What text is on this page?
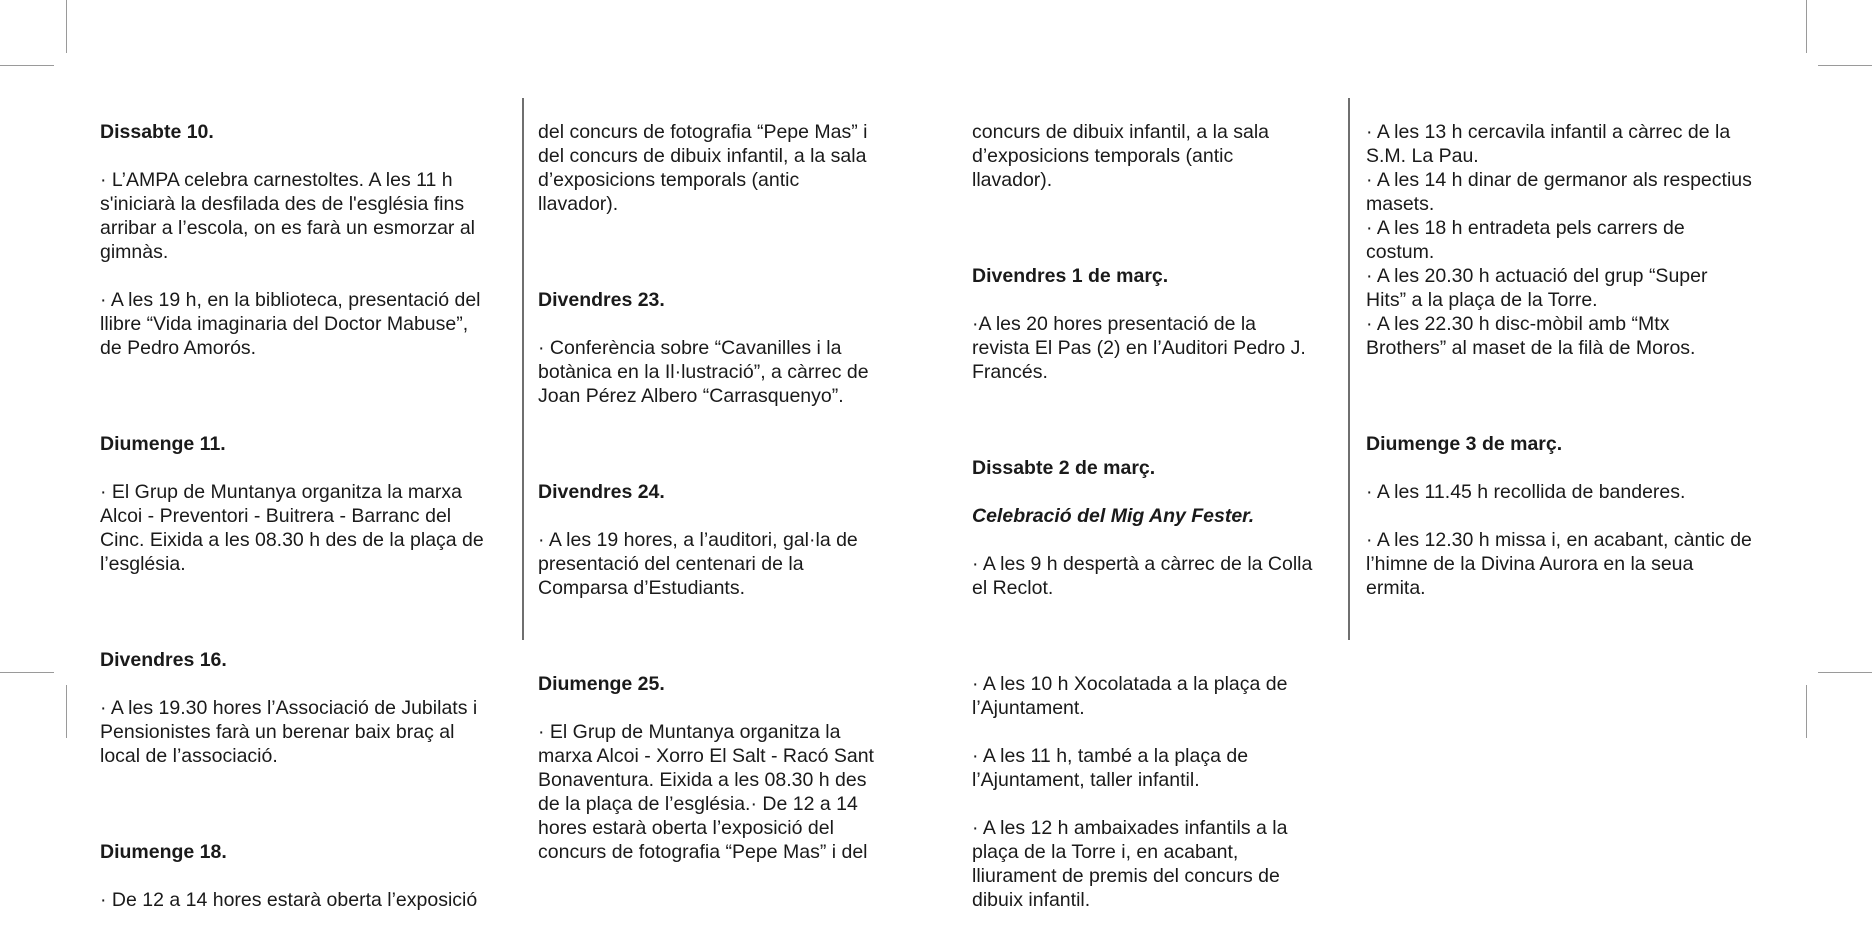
Dissabte 10.

· L’AMPA celebra carnestoltes. A les 11 h
s'iniciarà la desfilada des de l'església fins
arribar a l’escola, on es farà un esmorzar al
gimnàs.

· A les 19 h, en la biblioteca, presentació del
llibre “Vida imaginaria del Doctor Mabuse”,
de Pedro Amorós.

Diumenge 11.

· El Grup de Muntanya organitza la marxa
Alcoi - Preventori - Buitrera - Barranc del
Cinc. Eixida a les 08.30 h des de la plaça de
l’església.

Divendres 16.

· A les 19.30 hores l’Associació de Jubilats i
Pensionistes farà un berenar baix braç al
local de l’associació.

Diumenge 18.

· De 12 a 14 hores estarà oberta l’exposició

del concurs de fotografia “Pepe Mas” i
del concurs de dibuix infantil, a la sala
d’exposicions temporals (antic
llavador).

Divendres 23.

· Conferència sobre “Cavanilles i la
botànica en la Il·lustració”, a càrrec de
Joan Pérez Albero “Carrasquenyo”.

Divendres 24.

· A les 19 hores, a l’auditori, gal·la de
presentació del centenari de la
Comparsa d’Estudiants.

Diumenge 25.

· El Grup de Muntanya organitza la
marxa Alcoi - Xorro El Salt - Racó Sant
Bonaventura. Eixida a les 08.30 h des
de la plaça de l’església.· De 12 a 14
hores estarà oberta l’exposició del
concurs de fotografia “Pepe Mas” i del

concurs de dibuix infantil, a la sala
d’exposicions temporals (antic
llavador).

Divendres 1 de març.

·A les 20 hores presentació de la
revista El Pas (2) en l’Auditori Pedro J.
Francés.

Dissabte 2 de març.

Celebració del Mig Any Fester.

· A les 9 h despertà a càrrec de la Colla
el Reclot.

· A les 10 h Xocolatada a la plaça de
l’Ajuntament.

· A les 11 h, també a la plaça de
l’Ajuntament, taller infantil.

· A les 12 h ambaixades infantils a la
plaça de la Torre i, en acabant,
lliurament de premis del concurs de
dibuix infantil.

· A les 13 h cercavila infantil a càrrec de la
S.M. La Pau.
· A les 14 h dinar de germanor als respectius
masets.
· A les 18 h entradeta pels carrers de
costum.
· A les 20.30 h actuació del grup “Super
Hits” a la plaça de la Torre.
· A les 22.30 h disc-mòbil amb “Mtx
Brothers” al maset de la filà de Moros.

Diumenge 3 de març.

· A les 11.45 h recollida de banderes.

· A les 12.30 h missa i, en acabant, càntic de
l’himne de la Divina Aurora en la seua
ermita.
